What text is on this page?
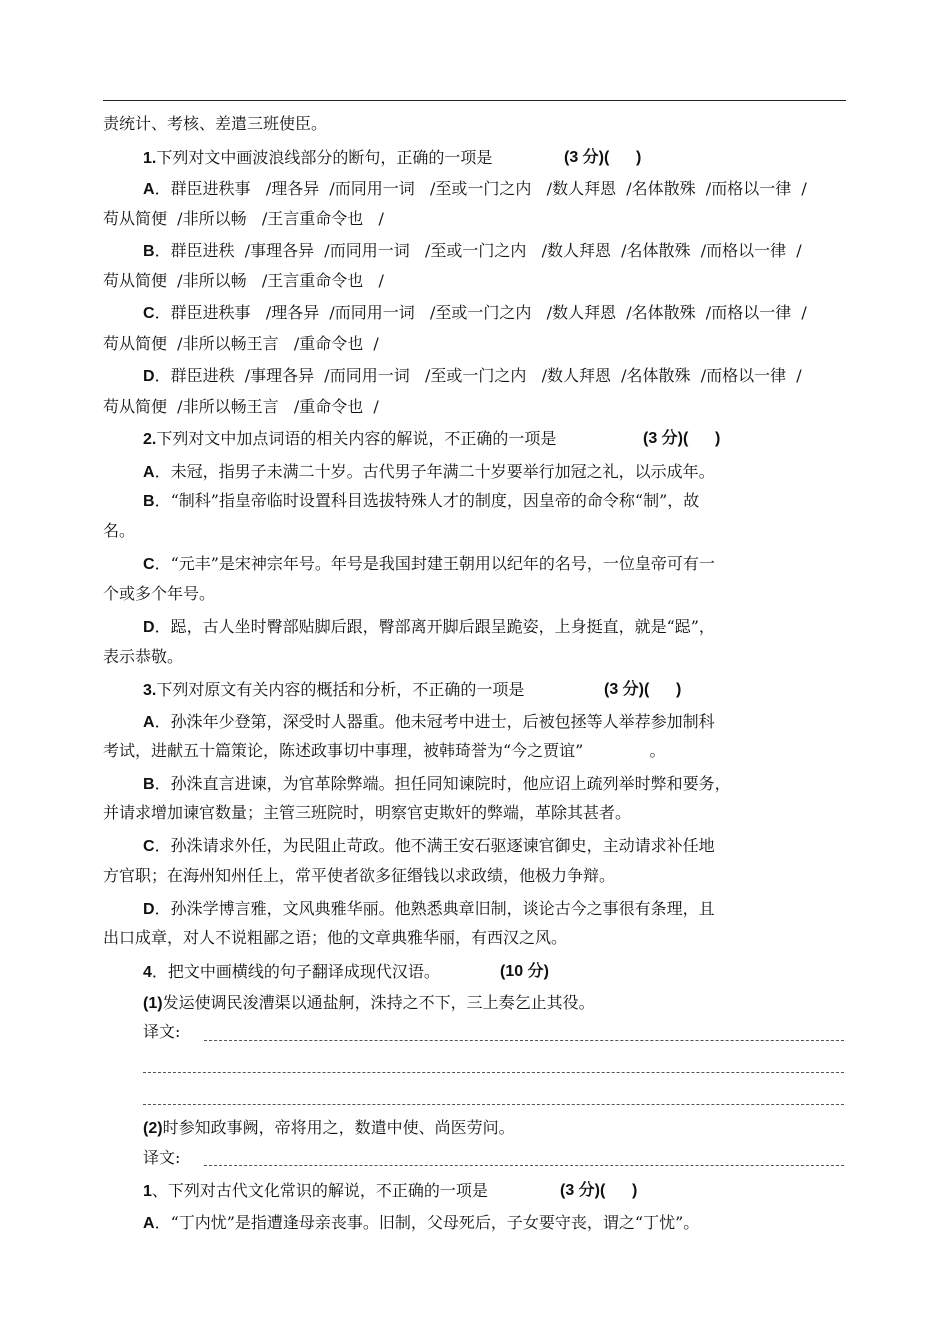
责统计、考核、差遣三班使臣。
1.下列对文中画波浪线部分的断句，正确的一项是	(3 分)(      )
A．群臣进秩事   /理各异  /而同用一词   /至或一门之内   /数人拜恩  /名体散殊  /而格以一律  /
苟从简便  /非所以畅   /王言重命令也   /
B．群臣进秩  /事理各异  /而同用一词   /至或一门之内   /数人拜恩  /名体散殊  /而格以一律  /
苟从简便  /非所以畅   /王言重命令也   /
C．群臣进秩事   /理各异  /而同用一词   /至或一门之内   /数人拜恩  /名体散殊  /而格以一律  /
苟从简便  /非所以畅王言   /重命令也  /
D．群臣进秩  /事理各异  /而同用一词   /至或一门之内   /数人拜恩  /名体散殊  /而格以一律  /
苟从简便  /非所以畅王言   /重命令也  /
2.下列对文中加点词语的相关内容的解说，不正确的一项是	(3 分)(      )
A．未冠，指男子未满二十岁。古代男子年满二十岁要举行加冠之礼，以示成年。
B．“制科”指皇帝临时设置科目选拔特殊人才的制度，因皇帝的命令称“制”，故
名。
C．“元丰”是宋神宗年号。年号是我国封建王朝用以纪年的名号，一位皇帝可有一
个或多个年号。
D．跽，古人坐时臀部贴脚后跟，臀部离开脚后跟呈跪姿，上身挺直，就是“跽”，
表示恭敬。
3.下列对原文有关内容的概括和分析，不正确的一项是	(3 分)(      )
A．孙洙年少登第，深受时人器重。他未冠考中进士，后被包拯等人举荐参加制科
考试，进献五十篇策论，陈述政事切中事理，被韩琦誉为“今之贾谊”             。
B．孙洙直言进谏，为官革除弊端。担任同知谏院时，他应诏上疏列举时弊和要务，
并请求增加谏官数量；主管三班院时，明察官吏欺奸的弊端，革除其甚者。
C．孙洙请求外任，为民阻止苛政。他不满王安石驱逐谏官御史，主动请求补任地
方官职；在海州知州任上，常平使者欲多征缗钱以求政绩，他极力争辩。
D．孙洙学博言雅，文风典雅华丽。他熟悉典章旧制，谈论古今之事很有条理，且
出口成章，对人不说粗鄙之语；他的文章典雅华丽，有西汉之风。
4．把文中画横线的句子翻译成现代汉语。	(10 分)
(1)发运使调民浚漕渠以通盐舸，洙持之不下，三上奏乞止其役。
译文:
(2)时参知政事阙，帝将用之，数遣中使、尚医劳问。
译文:
1、下列对古代文化常识的解说，不正确的一项是	(3 分)(      )
A．“丁内忧”是指遭逢母亲丧事。旧制，父母死后，子女要守丧，谓之“丁忧”。
